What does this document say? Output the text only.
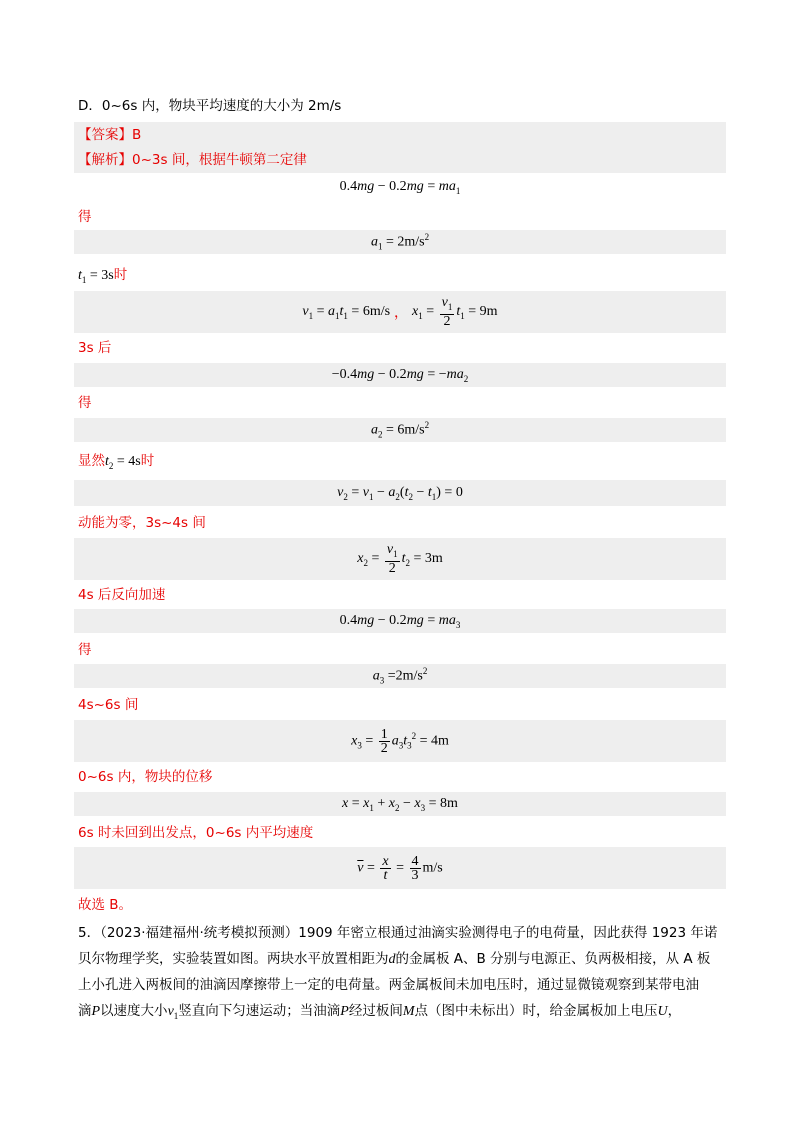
D．0~6s 内，物块平均速度的大小为 2m/s
【答案】B
【解析】0~3s 间，根据牛顿第二定律
$0.4mg - 0.2mg = ma_1$
得
$a_1 = 2m/s^2$
$t_1 = 3s$时
$v_1 = a_1t_1 = 6m/s$ ， $x_1 = \frac{v_1}{2} t_1 = 9m$
3s 后
$-0.4mg - 0.2mg = -ma_2$
得
$a_2 = 6m/s^2$
显然$t_2 = 4s$时
$v_2 = v_1 - a_2(t_2 - t_1) = 0$
动能为零，3s~4s 间
$x_2 = \frac{v_1}{2} t_2 = 3m$
4s 后反向加速
$0.4mg - 0.2mg = ma_3$
得
$a_3 =2m/s^2$
4s~6s 间
$x_3 = \frac{1}{2} a_3t_3^2 = 4m$
0~6s 内，物块的位移
$x = x_1 + x_2 - x_3 = 8m$
6s 时未回到出发点，0~6s 内平均速度
$\overline{v} = \frac{x}{t} = \frac{4}{3} m/s$
故选 B。
5．（2023·福建福州·统考模拟预测）1909 年密立根通过油滴实验测得电子的电荷量，因此获得 1923 年诺
贝尔物理学奖，实验装置如图。两块水平放置相距为d的金属板 A、B 分别与电源正、负两极相接，从 A 板
上小孔进入两板间的油滴因摩擦带上一定的电荷量。两金属板间未加电压时，通过显微镜观察到某带电油
滴P以速度大小$v_1$竖直向下匀速运动；当油滴P经过板间M点（图中未标出）时，给金属板加上电压U，
